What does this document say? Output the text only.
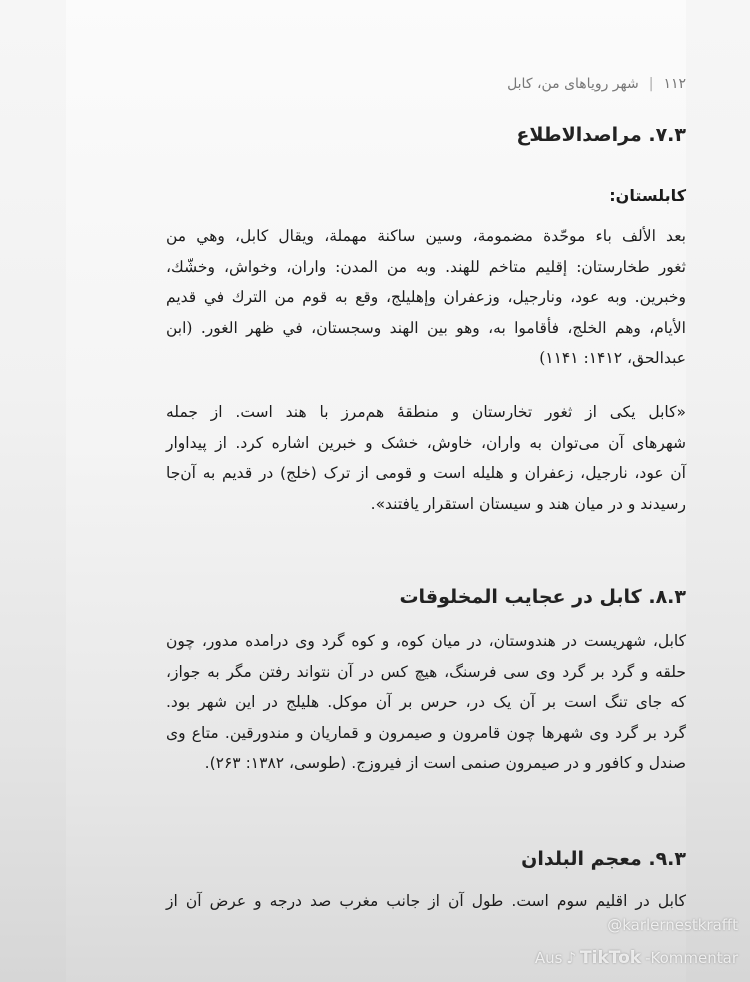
۱۱۲
|
شهر رویاهای من، کابل
۷.۳. مراصدالاطلاع
کابلستان:
بعد الألف باء موحّدة مضمومة، وسين ساكنة مهملة، ويقال كابل، وهي من
ثغور طخارستان: إقليم متاخم للهند. وبه من المدن: واران، وخواش، وخشّك،
وخبرين. وبه عود، ونارجيل، وزعفران وإهليلج، وقع به قوم من الترك في قديم
الأيام، وهم الخلج، فأقاموا به، وهو بين الهند وسجستان، في ظهر الغور. (ابن
عبدالحق، ۱۴۱۲: ۱۱۴۱)
«کابل یکی از ثغور تخارستان و منطقهٔ هم‌مرز با هند است. از جمله
شهرهای آن می‌توان به واران، خاوش، خشک و خبرین اشاره کرد. از پیداوار
آن عود، نارجیل، زعفران و هلیله است و قومی از ترک (خلج) در قدیم به آن‌جا
رسیدند و در میان هند و سیستان استقرار یافتند».
۸.۳. کابل در عجایب المخلوقات
کابل، شهریست در هندوستان، در میان کوه، و کوه گرد وی درامده مدور، چون
حلقه و گرد بر گرد وی سی فرسنگ، هیچ کس در آن نتواند رفتن مگر به جواز،
که جای تنگ است بر آن یک در، حرس بر آن موکل. هلیلج در این شهر بود.
گرد بر گرد وی شهرها چون قامرون و صیمرون و قماریان و مندورقین. متاع وی
صندل و کافور و در صیمرون صنمی است از فیروزج. (طوسی، ۱۳۸۲: ۲۶۳).
۹.۳. معجم البلدان
کابل در اقلیم سوم است. طول آن از جانب مغرب صد درجه و عرض آن از
@karlernestkrafft
Aus ♪ TikTok -Kommentar
